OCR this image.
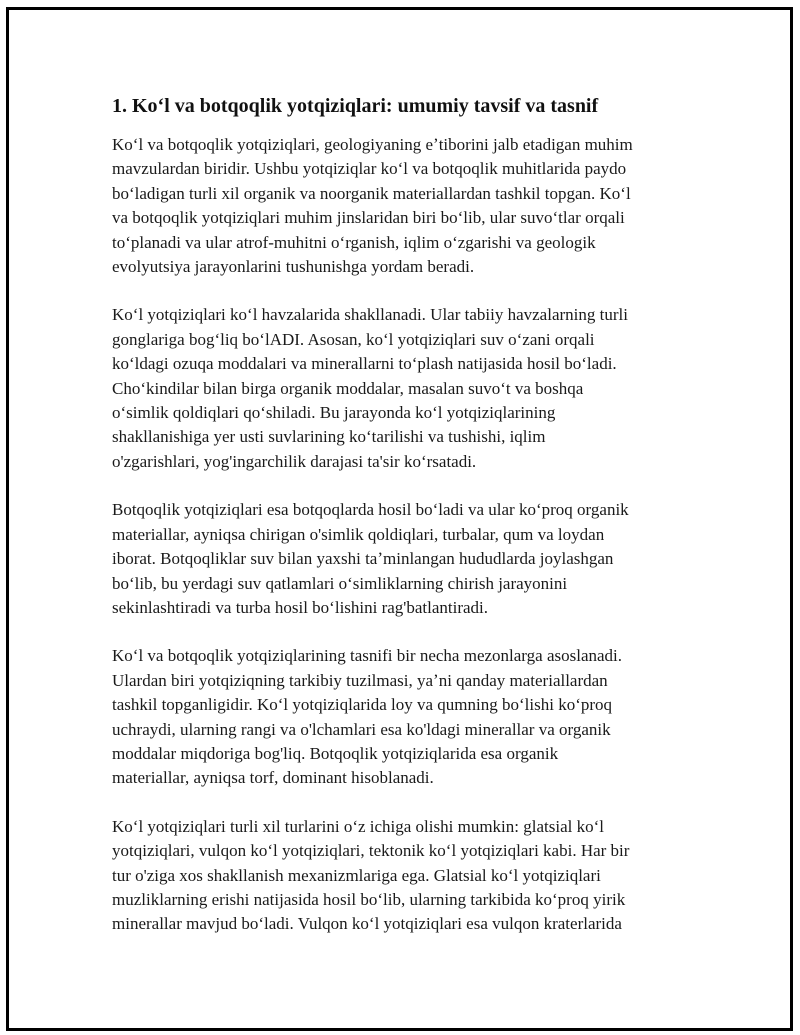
1. Koʻl va botqoqlik yotqiziqlari: umumiy tavsif va tasnif

Koʻl va botqoqlik yotqiziqlari, geologiyaning eʼtiborini jalb etadigan muhim
mavzulardan biridir. Ushbu yotqiziqlar koʻl va botqoqlik muhitlarida paydo
boʻladigan turli xil organik va noorganik materiallardan tashkil topgan. Koʻl
va botqoqlik yotqiziqlari muhim jinslaridan biri boʻlib, ular suvoʻtlar orqali
toʻplanadi va ular atrof-muhitni oʻrganish, iqlim oʻzgarishi va geologik
evolyutsiya jarayonlarini tushunishga yordam beradi.

Koʻl yotqiziqlari koʻl havzalarida shakllanadi. Ular tabiiy havzalarning turli
gonglariga bogʻliq boʻlADI. Asosan, koʻl yotqiziqlari suv oʻzani orqali
koʻldagi ozuqa moddalari va minerallarni toʻplash natijasida hosil boʻladi.
Choʻkindilar bilan birga organik moddalar, masalan suvoʻt va boshqa
oʻsimlik qoldiqlari qoʻshiladi. Bu jarayonda koʻl yotqiziqlarining
shakllanishiga yer usti suvlarining koʻtarilishi va tushishi, iqlim
o'zgarishlari, yog'ingarchilik darajasi ta'sir koʻrsatadi.

Botqoqlik yotqiziqlari esa botqoqlarda hosil boʻladi va ular koʻproq organik
materiallar, ayniqsa chirigan o'simlik qoldiqlari, turbalar, qum va loydan
iborat. Botqoqliklar suv bilan yaxshi taʼminlangan hududlarda joylashgan
boʻlib, bu yerdagi suv qatlamlari oʻsimliklarning chirish jarayonini
sekinlashtiradi va turba hosil boʻlishini rag'batlantiradi.

Koʻl va botqoqlik yotqiziqlarining tasnifi bir necha mezonlarga asoslanadi.
Ulardan biri yotqiziqning tarkibiy tuzilmasi, yaʼni qanday materiallardan
tashkil topganligidir. Koʻl yotqiziqlarida loy va qumning boʻlishi koʻproq
uchraydi, ularning rangi va o'lchamlari esa ko'ldagi minerallar va organik
moddalar miqdoriga bog'liq. Botqoqlik yotqiziqlarida esa organik
materiallar, ayniqsa torf, dominant hisoblanadi.

Koʻl yotqiziqlari turli xil turlarini oʻz ichiga olishi mumkin: glatsial koʻl
yotqiziqlari, vulqon koʻl yotqiziqlari, tektonik koʻl yotqiziqlari kabi. Har bir
tur o'ziga xos shakllanish mexanizmlariga ega. Glatsial koʻl yotqiziqlari
muzliklarning erishi natijasida hosil boʻlib, ularning tarkibida koʻproq yirik
minerallar mavjud boʻladi. Vulqon koʻl yotqiziqlari esa vulqon kraterlarida
